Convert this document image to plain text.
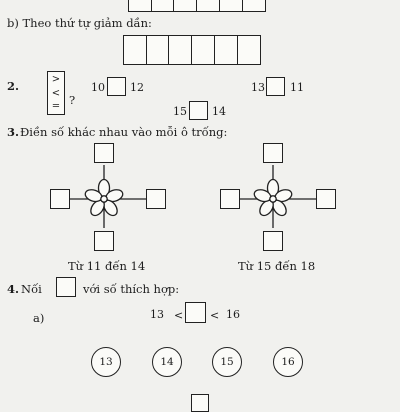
b) Theo thứ tự giảm dần:
2.	>
<
= ?
10 12	13 11
15 14
3. Điền số khác nhau vào mỗi ô trống:
Từ 11 đến 14	Từ 15 đến 18
4. Nối	với số thích hợp:
a)	13 < < 16
13	14	15	16
